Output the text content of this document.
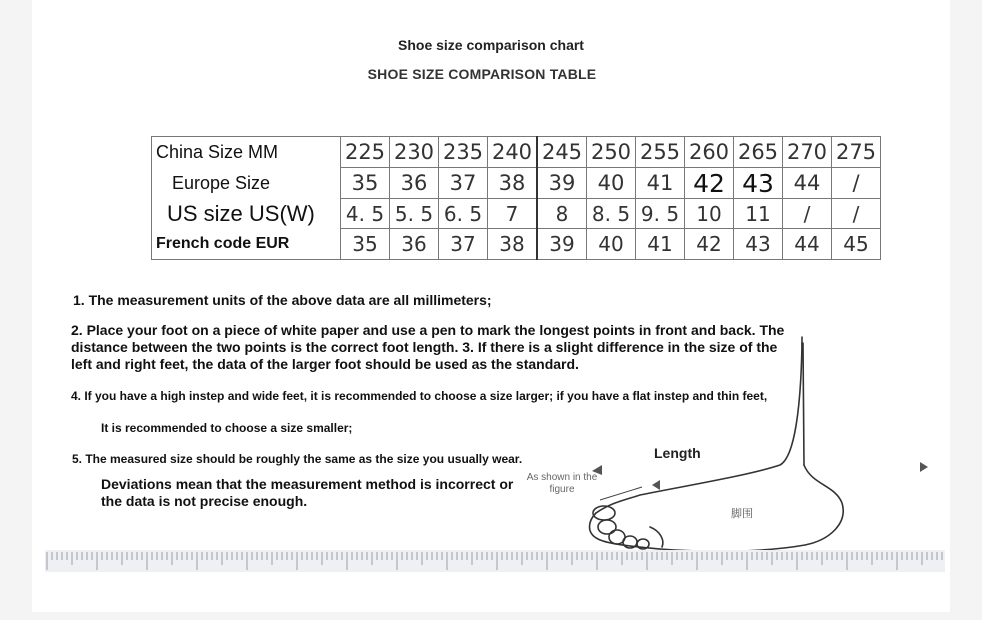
Shoe size comparison chart
SHOE SIZE COMPARISON TABLE
China Size MM	225	230	235	240	245	250	255	260	265	270	275
Europe Size	35	36	37	38	39	40	41	42	43	44	/
US size US(W)	4. 5	5. 5	6. 5	7	8	8. 5	9. 5	10	11	/	/
French code EUR	35	36	37	38	39	40	41	42	43	44	45
1. The measurement units of the above data are all millimeters;
2. Place your foot on a piece of white paper and use a pen to mark the longest points in front and back. The distance between the two points is the correct foot length. 3. If there is a slight difference in the size of the left and right feet, the data of the larger foot should be used as the standard.
4. If you have a high instep and wide feet, it is recommended to choose a size larger; if you have a flat instep and thin feet,
It is recommended to choose a size smaller;
5. The measured size should be roughly the same as the size you usually wear.
Deviations mean that the measurement method is incorrect or the data is not precise enough.
Length
As shown in the figure
脚围
